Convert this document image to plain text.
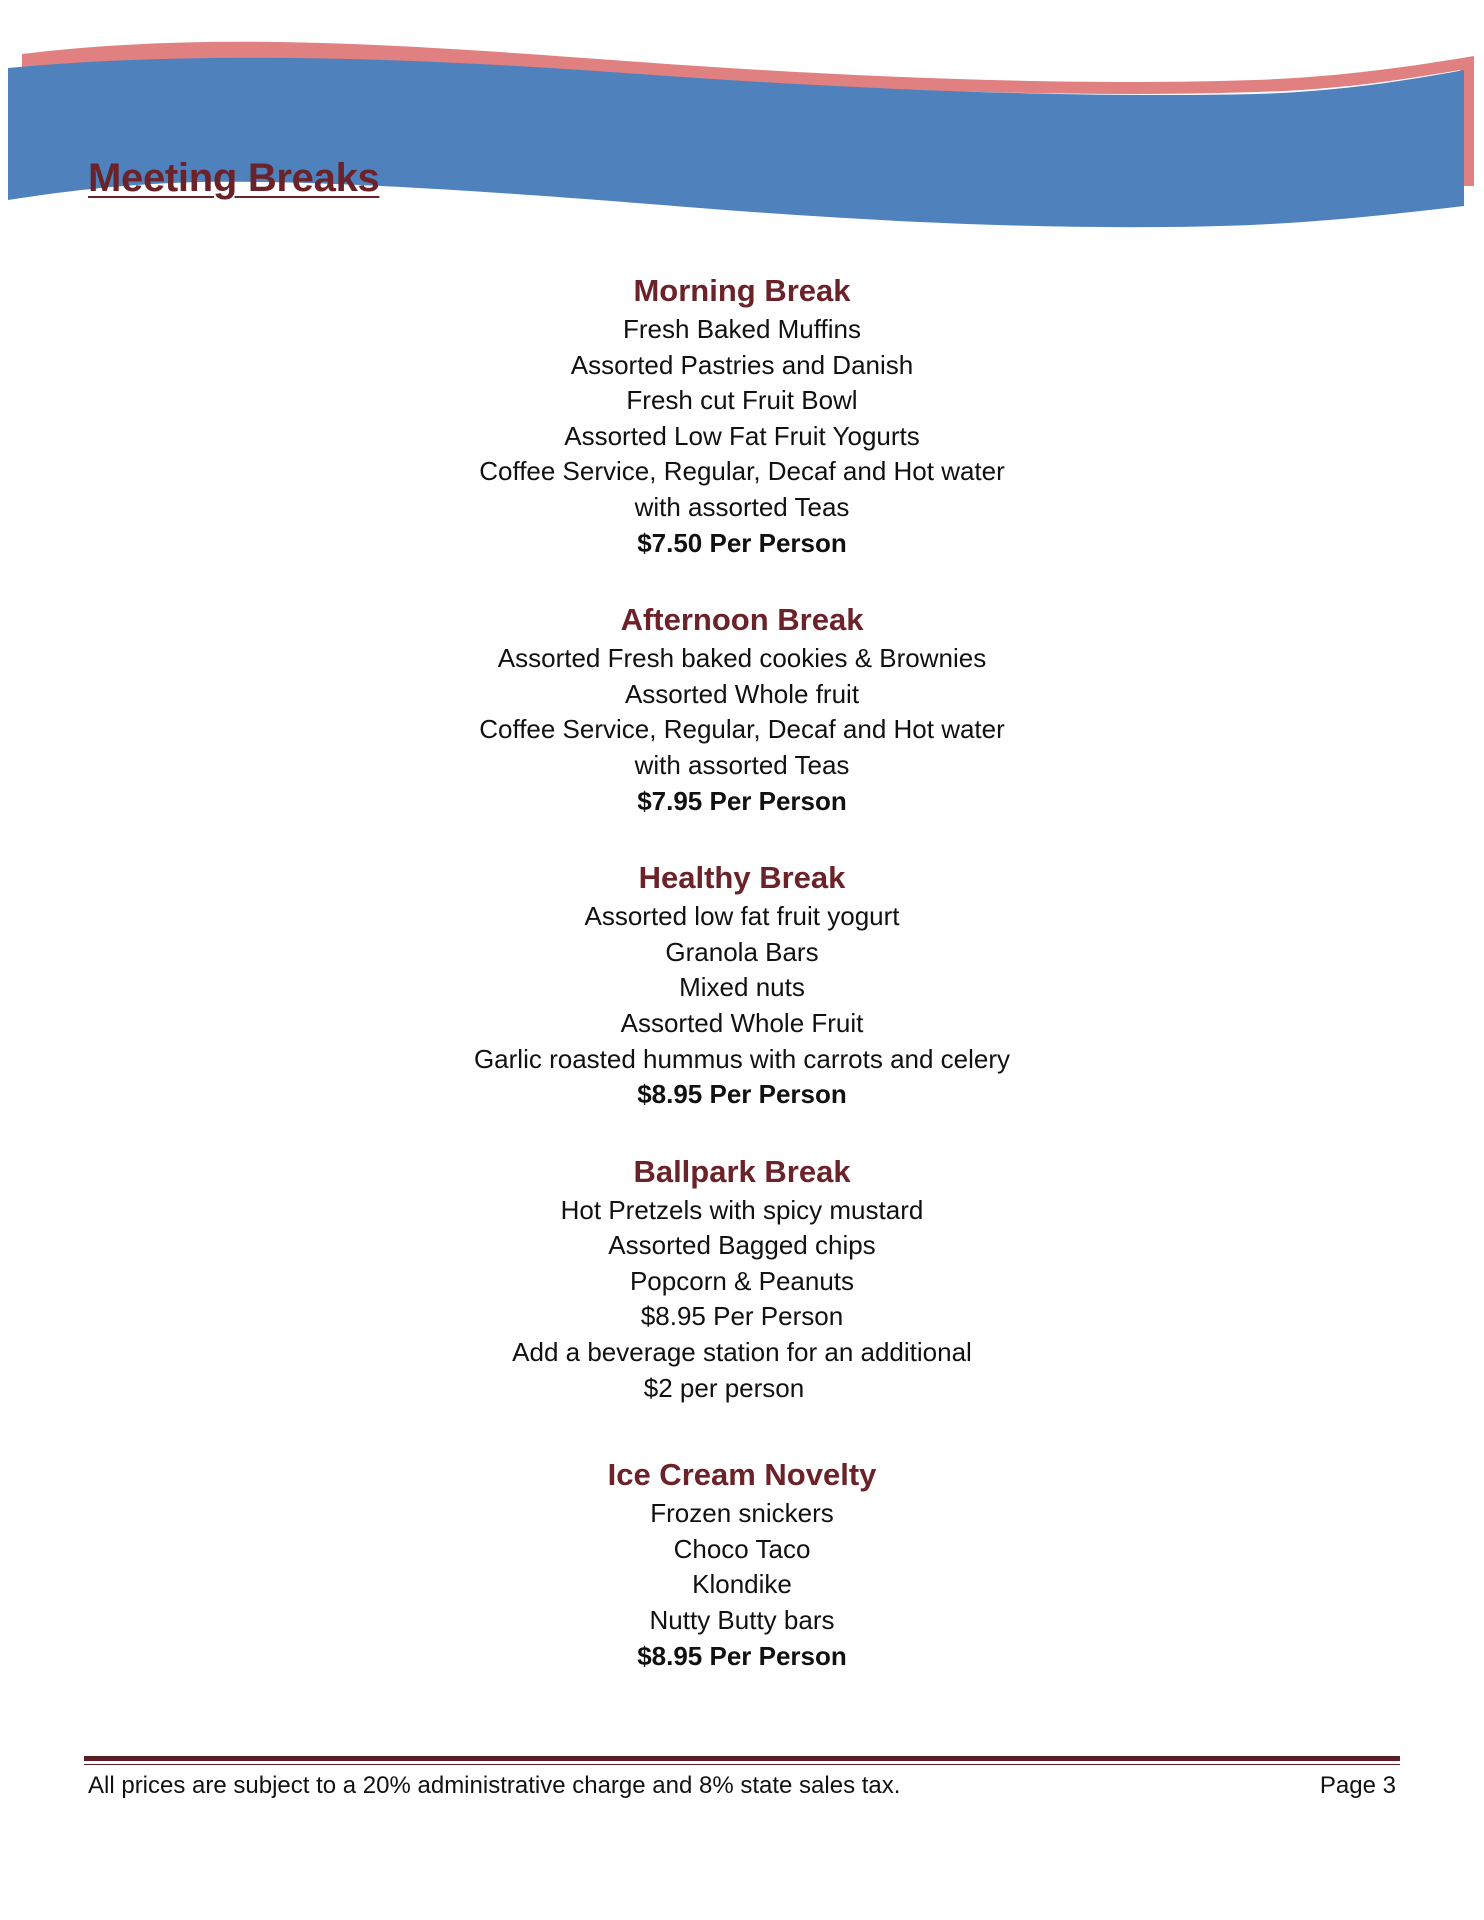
Meeting Breaks
Morning Break
Fresh Baked Muffins
Assorted Pastries and Danish
Fresh cut Fruit Bowl
Assorted Low Fat Fruit Yogurts
Coffee Service, Regular, Decaf and Hot water
with assorted Teas
$7.50 Per Person
Afternoon Break
Assorted Fresh baked cookies & Brownies
Assorted Whole fruit
Coffee Service, Regular, Decaf and Hot water
with assorted Teas
$7.95 Per Person
Healthy Break
Assorted low fat fruit yogurt
Granola Bars
Mixed nuts
Assorted Whole Fruit
Garlic roasted hummus with carrots and celery
$8.95 Per Person
Ballpark Break
Hot Pretzels with spicy mustard
Assorted Bagged chips
Popcorn & Peanuts
$8.95 Per Person
Add a beverage station for an additional
$2 per person
Ice Cream Novelty
Frozen snickers
Choco Taco
Klondike
Nutty Butty bars
$8.95 Per Person
All prices are subject to a 20% administrative charge and 8% state sales tax.	Page 3
